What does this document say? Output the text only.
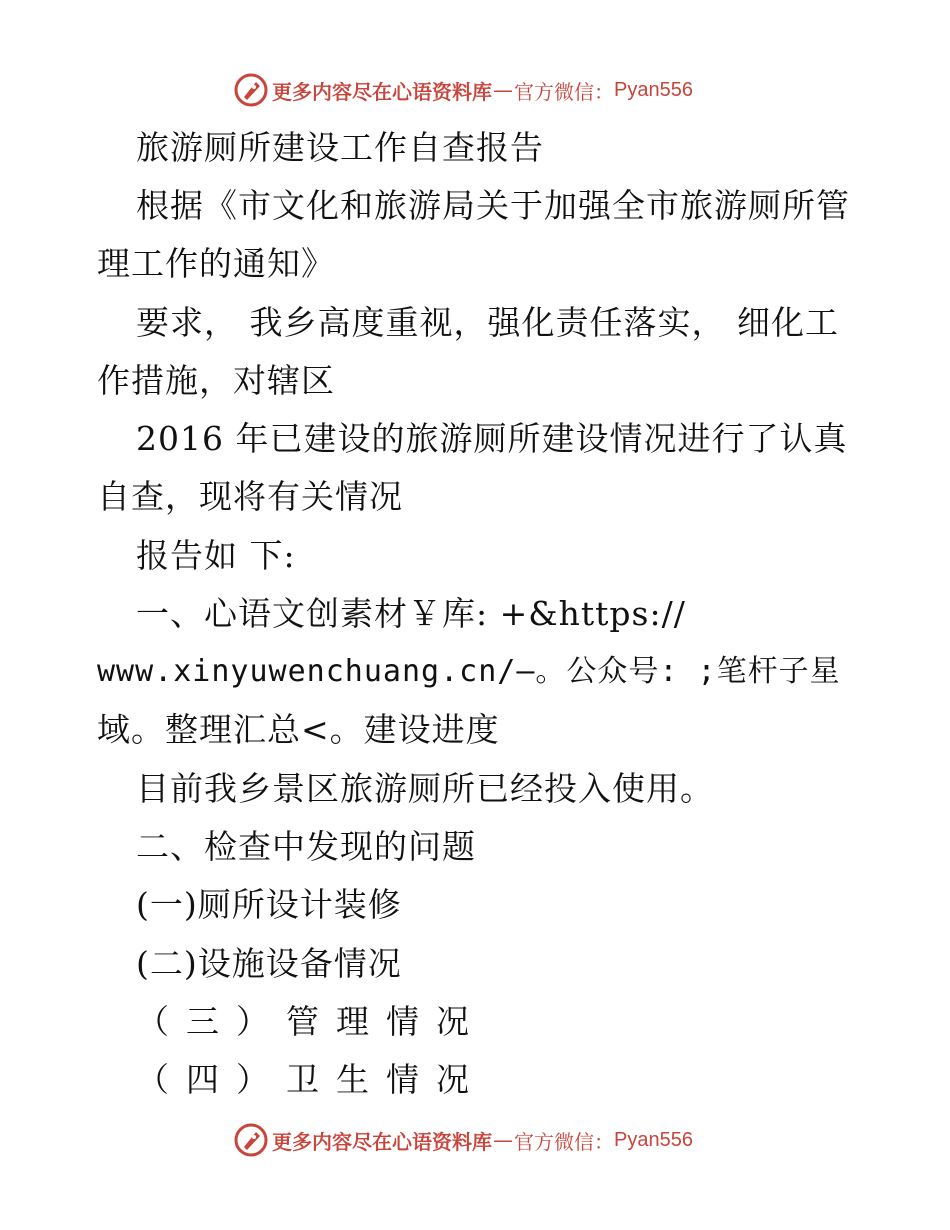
更多内容尽在心语资料库 — 官方微信： Pyan556
旅游厕所建设工作自查报告
根据《市文化和旅游局关于加强全市旅游厕所管
理工作的通知》
要求， 我乡高度重视，强化责任落实， 细化工
作措施，对辖区
2016 年已建设的旅游厕所建设情况进行了认真
自查，现将有关情况
报告如 下:
一、心语文创素材￥库: +&https://
www.xinyuwenchuang.cn/—。公众号: ;笔杆子星
域。整理汇总<。建设进度
目前我乡景区旅游厕所已经投入使用。
二、检查中发现的问题
(一)厕所设计装修
(二)设施设备情况
（三）管理情况
（四）卫生情况
更多内容尽在心语资料库 — 官方微信： Pyan556
